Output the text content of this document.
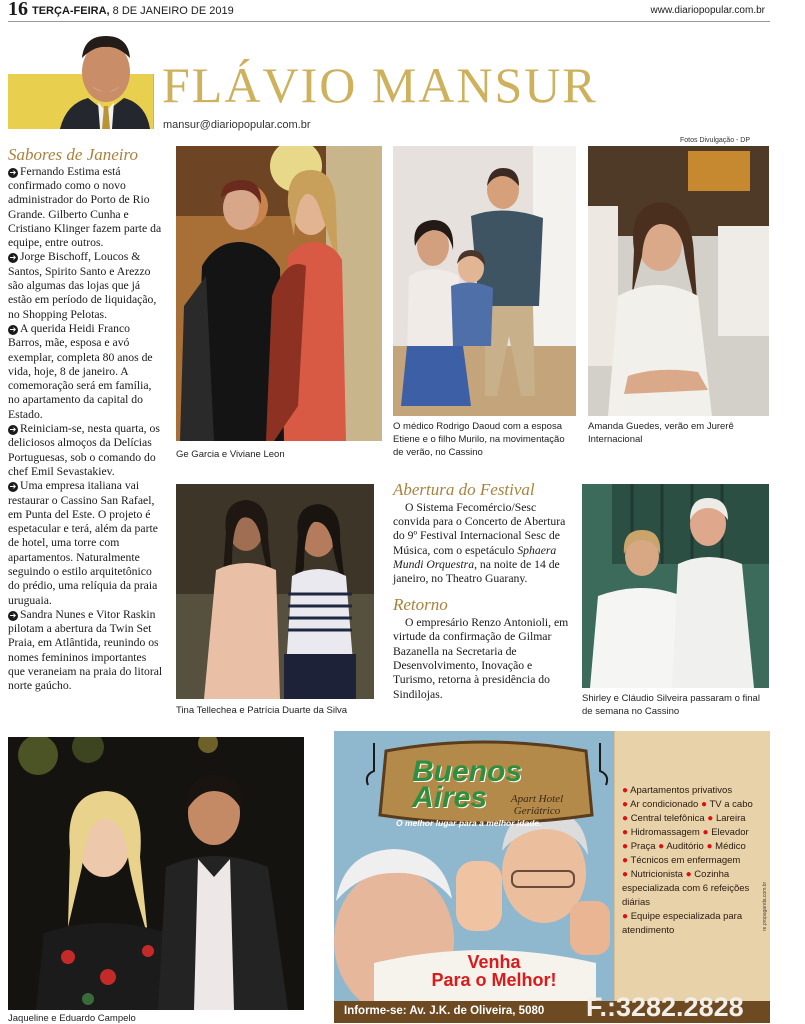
16 TERÇA-FEIRA, 8 DE JANEIRO DE 2019	www.diariopopular.com.br
FLÁVIO MANSUR
mansur@diariopopular.com.br
Fotos Divulgação - DP
Sabores de Janeiro

➔ Fernando Estima está confirmado como o novo administrador do Porto de Rio Grande. Gilberto Cunha e Cristiano Klinger fazem parte da equipe, entre outros.

➔ Jorge Bischoff, Loucos & Santos, Spirito Santo e Arezzo são algumas das lojas que já estão em período de liquidação, no Shopping Pelotas.

➔ A querida Heidi Franco Barros, mãe, esposa e avó exemplar, completa 80 anos de vida, hoje, 8 de janeiro. A comemoração será em família, no apartamento da capital do Estado.

➔ Reiniciam-se, nesta quarta, os deliciosos almoços da Delícias Portuguesas, sob o comando do chef Emil Sevastakiev.

➔ Uma empresa italiana vai restaurar o Cassino San Rafael, em Punta del Este. O projeto é espetacular e terá, além da parte de hotel, uma torre com apartamentos. Naturalmente seguindo o estilo arquitetônico do prédio, uma relíquia da praia uruguaia.

➔ Sandra Nunes e Vitor Raskin pilotam a abertura da Twin Set Praia, em Atlântida, reunindo os nomes femininos importantes que veraneiam na praia do litoral norte gaúcho.

Ge Garcia e Viviane Leon
O médico Rodrigo Daoud com a esposa Etiene e o filho Murilo, na movimentação de verão, no Cassino
Amanda Guedes, verão em Jurerê Internacional
Tina Tellechea e Patrícia Duarte da Silva
Abertura do Festival
O Sistema Fecomércio/Sesc convida para o Concerto de Abertura do 9º Festival Internacional Sesc de Música, com o espetáculo Sphaera Mundi Orquestra, na noite de 14 de janeiro, no Theatro Guarany.
Retorno
O empresário Renzo Antonioli, em virtude da confirmação de Gilmar Bazanella na Secretaria de Desenvolvimento, Inovação e Turismo, retorna à presidência do Sindilojas.	Shirley e Cláudio Silveira passaram o final de semana no Cassino
Jaqueline e Eduardo Campelo
Buenos
Aires	Apart Hotel
Geriátrico
O melhor lugar para a melhor idade.
Venha
Para o Melhor!
Informe-se: Av. J.K. de Oliveira, 5080 F.:3282.2828
re.propaganda.com.br
● Apartamentos privativos
● Ar condicionado ● TV a cabo
● Central telefônica ● Lareira
● Hidromassagem ● Elevador
● Praça ● Auditório ● Médico
● Técnicos em enfermagem
● Nutricionista ● Cozinha especializada com 6 refeições diárias
● Equipe especializada para atendimento
